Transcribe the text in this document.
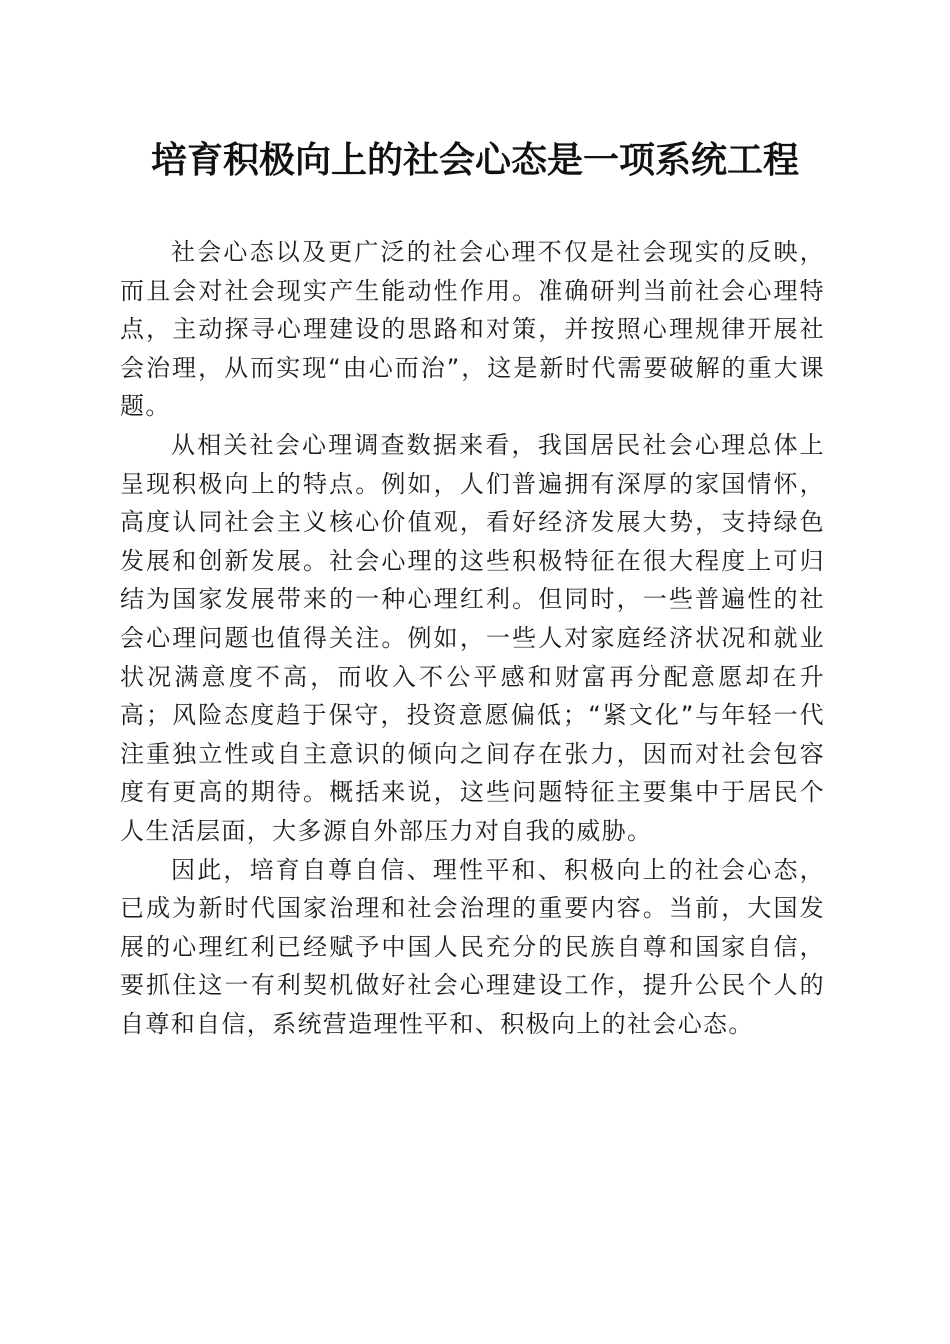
培育积极向上的社会心态是一项系统工程

社会心态以及更广泛的社会心理不仅是社会现实的反映，而且会对社会现实产生能动性作用。准确研判当前社会心理特点，主动探寻心理建设的思路和对策，并按照心理规律开展社会治理，从而实现“由心而治”，这是新时代需要破解的重大课题。

从相关社会心理调查数据来看，我国居民社会心理总体上呈现积极向上的特点。例如，人们普遍拥有深厚的家国情怀，高度认同社会主义核心价值观，看好经济发展大势，支持绿色发展和创新发展。社会心理的这些积极特征在很大程度上可归结为国家发展带来的一种心理红利。但同时，一些普遍性的社会心理问题也值得关注。例如，一些人对家庭经济状况和就业状况满意度不高，而收入不公平感和财富再分配意愿却在升高；风险态度趋于保守，投资意愿偏低；“紧文化”与年轻一代注重独立性或自主意识的倾向之间存在张力，因而对社会包容度有更高的期待。概括来说，这些问题特征主要集中于居民个人生活层面，大多源自外部压力对自我的威胁。

因此，培育自尊自信、理性平和、积极向上的社会心态，已成为新时代国家治理和社会治理的重要内容。当前，大国发展的心理红利已经赋予中国人民充分的民族自尊和国家自信，要抓住这一有利契机做好社会心理建设工作，提升公民个人的自尊和自信，系统营造理性平和、积极向上的社会心态。
